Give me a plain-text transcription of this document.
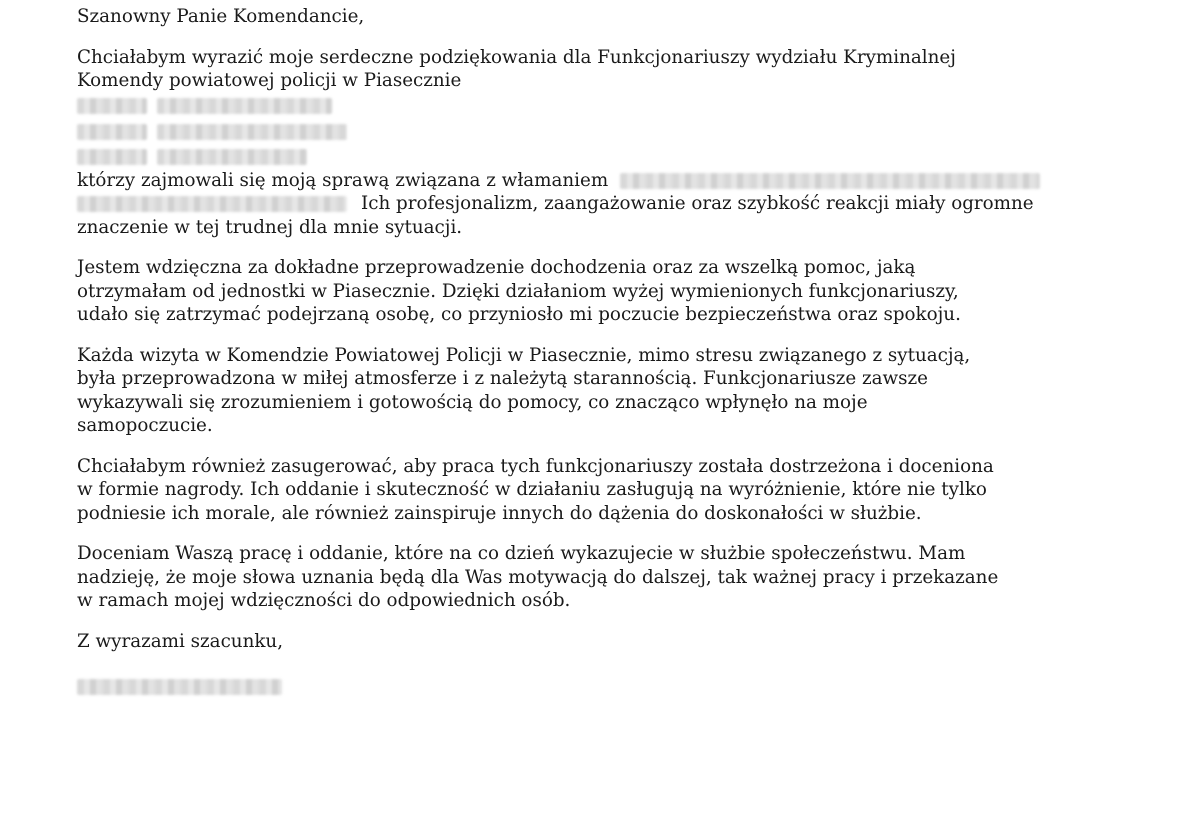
Szanowny Panie Komendancie,
Chciałabym wyrazić moje serdeczne podziękowania dla Funkcjonariuszy wydziału Kryminalnej
Komendy powiatowej policji w Piasecznie
którzy zajmowali się moją sprawą związana z włamaniem
Ich profesjonalizm, zaangażowanie oraz szybkość reakcji miały ogromne
znaczenie w tej trudnej dla mnie sytuacji.
Jestem wdzięczna za dokładne przeprowadzenie dochodzenia oraz za wszelką pomoc, jaką
otrzymałam od jednostki w Piasecznie. Dzięki działaniom wyżej wymienionych funkcjonariuszy,
udało się zatrzymać podejrzaną osobę, co przyniosło mi poczucie bezpieczeństwa oraz spokoju.
Każda wizyta w Komendzie Powiatowej Policji w Piasecznie, mimo stresu związanego z sytuacją,
była przeprowadzona w miłej atmosferze i z należytą starannością. Funkcjonariusze zawsze
wykazywali się zrozumieniem i gotowością do pomocy, co znacząco wpłynęło na moje
samopoczucie.
Chciałabym również zasugerować, aby praca tych funkcjonariuszy została dostrzeżona i doceniona
w formie nagrody. Ich oddanie i skuteczność w działaniu zasługują na wyróżnienie, które nie tylko
podniesie ich morale, ale również zainspiruje innych do dążenia do doskonałości w służbie.
Doceniam Waszą pracę i oddanie, które na co dzień wykazujecie w służbie społeczeństwu. Mam
nadzieję, że moje słowa uznania będą dla Was motywacją do dalszej, tak ważnej pracy i przekazane
w ramach mojej wdzięczności do odpowiednich osób.
Z wyrazami szacunku,
